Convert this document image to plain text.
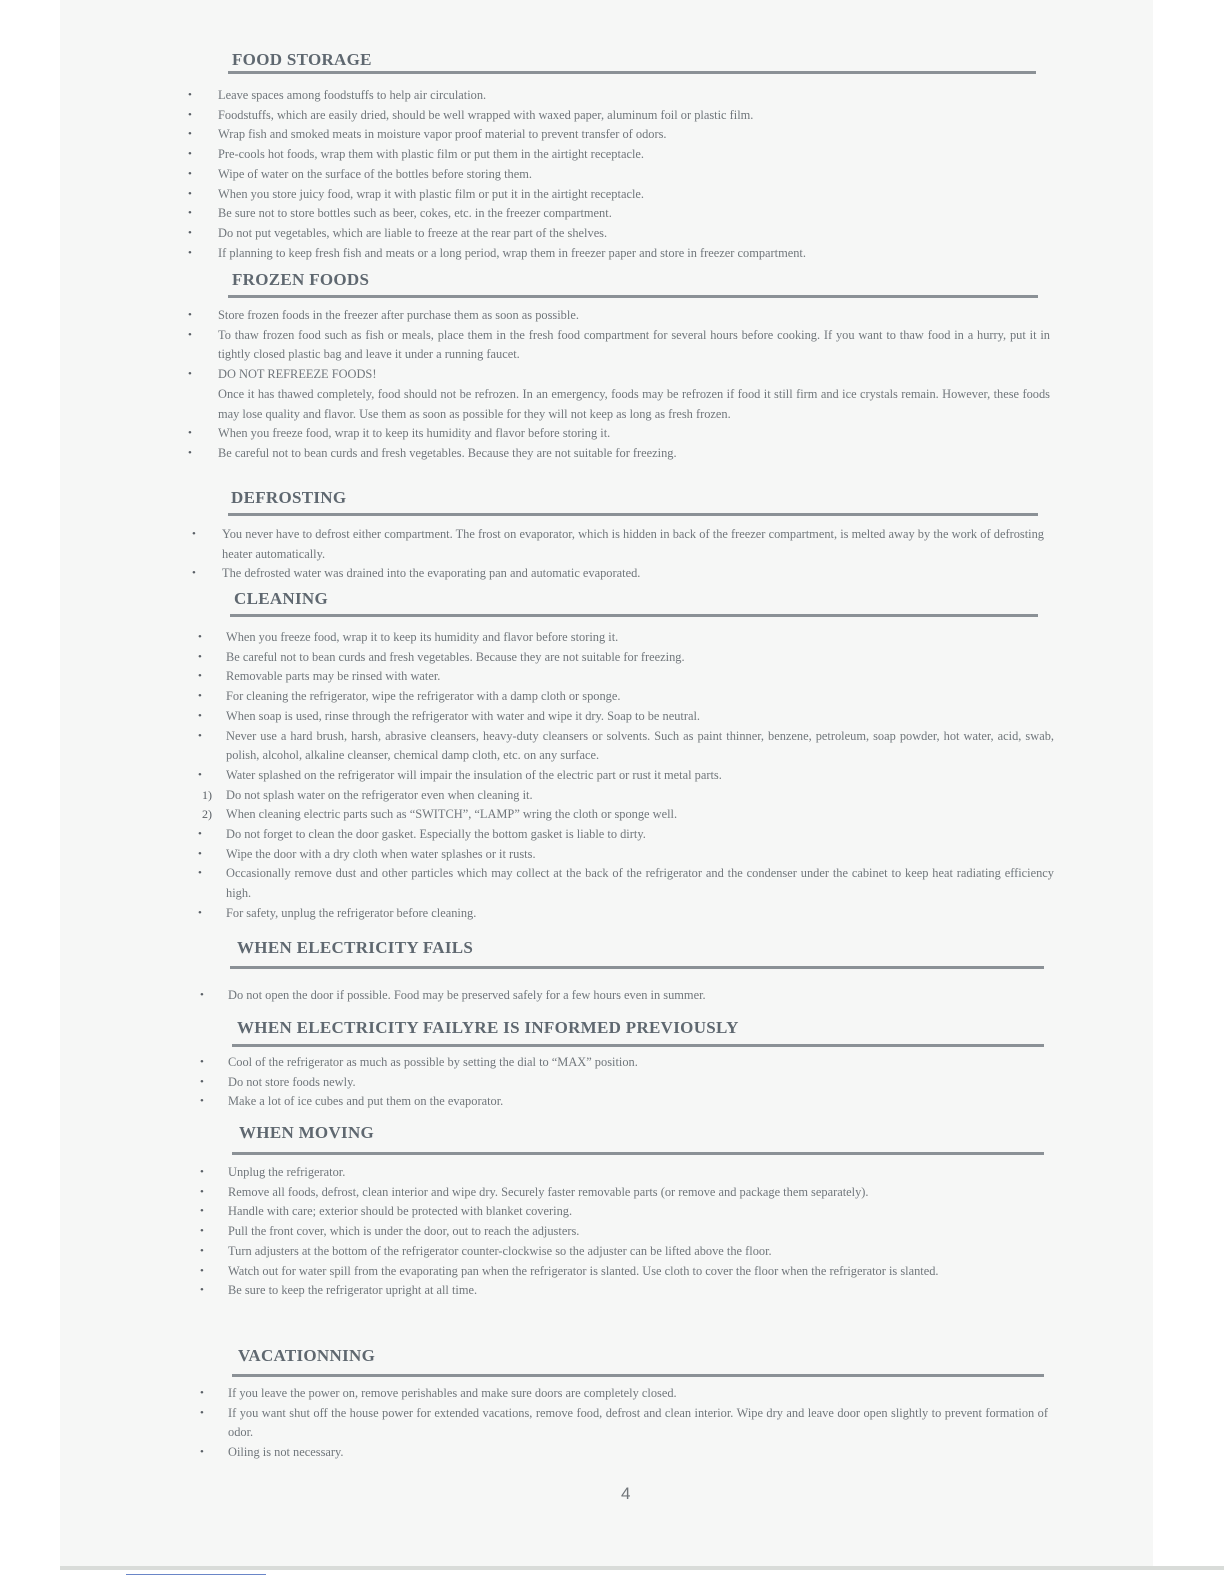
FOOD STORAGE
• Leave spaces among foodstuffs to help air circulation.
• Foodstuffs, which are easily dried, should be well wrapped with waxed paper, aluminum foil or plastic film.
• Wrap fish and smoked meats in moisture vapor proof material to prevent transfer of odors.
• Pre-cools hot foods, wrap them with plastic film or put them in the airtight receptacle.
• Wipe of water on the surface of the bottles before storing them.
• When you store juicy food, wrap it with plastic film or put it in the airtight receptacle.
• Be sure not to store bottles such as beer, cokes, etc. in the freezer compartment.
• Do not put vegetables, which are liable to freeze at the rear part of the shelves.
• If planning to keep fresh fish and meats or a long period, wrap them in freezer paper and store in freezer compartment.
FROZEN FOODS
• Store frozen foods in the freezer after purchase them as soon as possible.
• To thaw frozen food such as fish or meals, place them in the fresh food compartment for several hours before cooking. If you want to thaw food in a hurry, put it in tightly closed plastic bag and leave it under a running faucet.
• DO NOT REFREEZE FOODS!
Once it has thawed completely, food should not be refrozen. In an emergency, foods may be refrozen if food it still firm and ice crystals remain. However, these foods may lose quality and flavor. Use them as soon as possible for they will not keep as long as fresh frozen.
• When you freeze food, wrap it to keep its humidity and flavor before storing it.
• Be careful not to bean curds and fresh vegetables. Because they are not suitable for freezing.
DEFROSTING
• You never have to defrost either compartment. The frost on evaporator, which is hidden in back of the freezer compartment, is melted away by the work of defrosting heater automatically.
• The defrosted water was drained into the evaporating pan and automatic evaporated.
CLEANING
• When you freeze food, wrap it to keep its humidity and flavor before storing it.
• Be careful not to bean curds and fresh vegetables. Because they are not suitable for freezing.
• Removable parts may be rinsed with water.
• For cleaning the refrigerator, wipe the refrigerator with a damp cloth or sponge.
• When soap is used, rinse through the refrigerator with water and wipe it dry. Soap to be neutral.
• Never use a hard brush, harsh, abrasive cleansers, heavy-duty cleansers or solvents. Such as paint thinner, benzene, petroleum, soap powder, hot water, acid, swab, polish, alcohol, alkaline cleanser, chemical damp cloth, etc. on any surface.
• Water splashed on the refrigerator will impair the insulation of the electric part or rust it metal parts.
1) Do not splash water on the refrigerator even when cleaning it.
2) When cleaning electric parts such as “SWITCH”, “LAMP” wring the cloth or sponge well.
• Do not forget to clean the door gasket. Especially the bottom gasket is liable to dirty.
• Wipe the door with a dry cloth when water splashes or it rusts.
• Occasionally remove dust and other particles which may collect at the back of the refrigerator and the condenser under the cabinet to keep heat radiating efficiency high.
• For safety, unplug the refrigerator before cleaning.
WHEN ELECTRICITY FAILS
• Do not open the door if possible. Food may be preserved safely for a few hours even in summer.
WHEN ELECTRICITY FAILYRE IS INFORMED PREVIOUSLY
• Cool of the refrigerator as much as possible by setting the dial to “MAX” position.
• Do not store foods newly.
• Make a lot of ice cubes and put them on the evaporator.
WHEN MOVING
• Unplug the refrigerator.
• Remove all foods, defrost, clean interior and wipe dry. Securely faster removable parts (or remove and package them separately).
• Handle with care; exterior should be protected with blanket covering.
• Pull the front cover, which is under the door, out to reach the adjusters.
• Turn adjusters at the bottom of the refrigerator counter-clockwise so the adjuster can be lifted above the floor.
• Watch out for water spill from the evaporating pan when the refrigerator is slanted. Use cloth to cover the floor when the refrigerator is slanted.
• Be sure to keep the refrigerator upright at all time.
VACATIONNING
• If you leave the power on, remove perishables and make sure doors are completely closed.
• If you want shut off the house power for extended vacations, remove food, defrost and clean interior. Wipe dry and leave door open slightly to prevent formation of odor.
• Oiling is not necessary.
4
